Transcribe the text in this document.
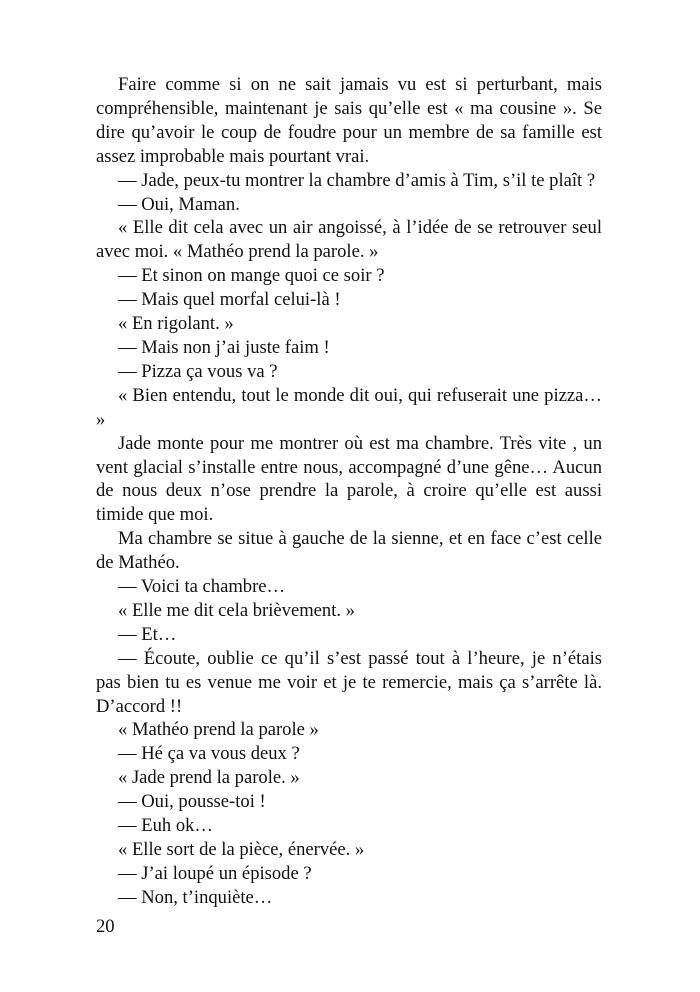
Faire comme si on ne sait jamais vu est si perturbant, mais compréhensible, maintenant je sais qu’elle est « ma cousine ». Se dire qu’avoir le coup de foudre pour un membre de sa famille est assez improbable mais pourtant vrai.

— Jade, peux-tu montrer la chambre d’amis à Tim, s’il te plaît ?

— Oui, Maman.

« Elle dit cela avec un air angoissé, à l’idée de se retrouver seul avec moi. « Mathéo prend la parole. »

— Et sinon on mange quoi ce soir ?

— Mais quel morfal celui-là !

« En rigolant. »

— Mais non j’ai juste faim !

— Pizza ça vous va ?

« Bien entendu, tout le monde dit oui, qui refuserait une pizza… »

Jade monte pour me montrer où est ma chambre. Très vite , un vent glacial s’installe entre nous, accompagné d’une gêne… Aucun de nous deux n’ose prendre la parole, à croire qu’elle est aussi timide que moi.

Ma chambre se situe à gauche de la sienne, et en face c’est celle de Mathéo.

— Voici ta chambre…

« Elle me dit cela brièvement. »

— Et…

— Écoute, oublie ce qu’il s’est passé tout à l’heure, je n’étais pas bien tu es venue me voir et je te remercie, mais ça s’arrête là. D’accord !!

« Mathéo prend la parole »

— Hé ça va vous deux ?

« Jade prend la parole. »

— Oui, pousse-toi !

— Euh ok…

« Elle sort de la pièce, énervée. »

— J’ai loupé un épisode ?

— Non, t’inquiète…

20
